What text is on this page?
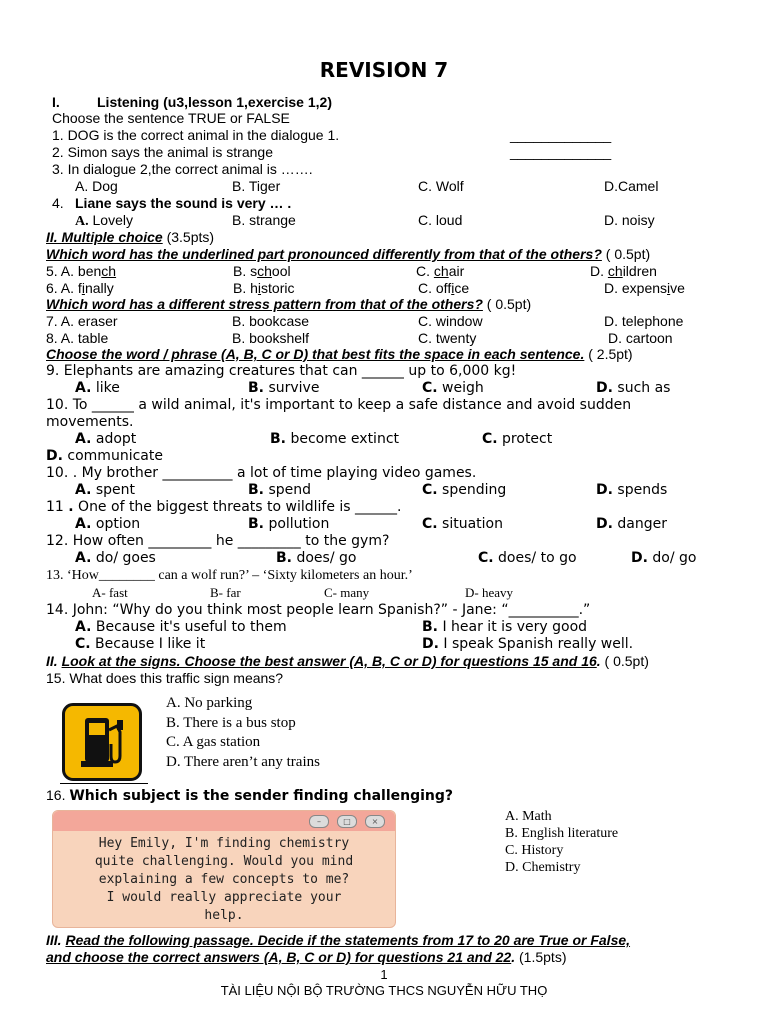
REVISION 7
I.	Listening (u3,lesson 1,exercise 1,2)
Choose the sentence TRUE or FALSE
1. DOG is the correct animal in the dialogue 1.	_____________
2. Simon says the animal is strange	_____________
3. In dialogue 2,the correct animal is …….
A. Dog	B. Tiger	C. Wolf	D.Camel
4. Liane says the sound is very … .
A. Lovely	B. strange	C. loud	D. noisy
II. Multiple choice (3.5pts)
Which word has the underlined part pronounced differently from that of the others? ( 0.5pt)
5. A. bench	B. school	C. chair	D. children
6. A. finally	B. historic	C. office	D. expensive
Which word has a different stress pattern from that of the others? ( 0.5pt)
7. A. eraser	B. bookcase	C. window	D. telephone
8. A. table	B. bookshelf	C. twenty	D. cartoon
Choose the word / phrase (A, B, C or D) that best fits the space in each sentence. ( 2.5pt)
9. Elephants are amazing creatures that can ______ up to 6,000 kg!
A. like	B. survive	C. weigh	D. such as
10. To ______ a wild animal, it's important to keep a safe distance and avoid sudden
movements.
A. adopt	B. become extinct	C. protect
D. communicate
10. . My brother __________ a lot of time playing video games.
A. spent	B. spend	C. spending	D. spends
11 . One of the biggest threats to wildlife is ______.
A. option	B. pollution	C. situation	D. danger
12. How often _________ he _________ to the gym?
A. do/ goes	B. does/ go	C. does/ to go	D. do/ go
13. ‘How________ can a wolf run?’ – ‘Sixty kilometers an hour.’
A- fast	B- far	C- many	D- heavy
14. John: “Why do you think most people learn Spanish?” - Jane: “__________.”
A. Because it's useful to them	B. I hear it is very good
C. Because I like it	D. I speak Spanish really well.
II. Look at the signs. Choose the best answer (A, B, C or D) for questions 15 and 16. ( 0.5pt)
15. What does this traffic sign means?
A. No parking
B. There is a bus stop
C. A gas station
D. There aren’t any trains
16. Which subject is the sender finding challenging?
–	□	×
Hey Emily, I'm finding chemistry
quite challenging. Would you mind
explaining a few concepts to me?
I would really appreciate your
help.
A. Math
B. English literature
C. History
D. Chemistry
III. Read the following passage. Decide if the statements from 17 to 20 are True or False,
and choose the correct answers (A, B, C or D) for questions 21 and 22. (1.5pts)
1
TÀI LIỆU NỘI BỘ TRƯỜNG THCS NGUYỄN HỮU THỌ
